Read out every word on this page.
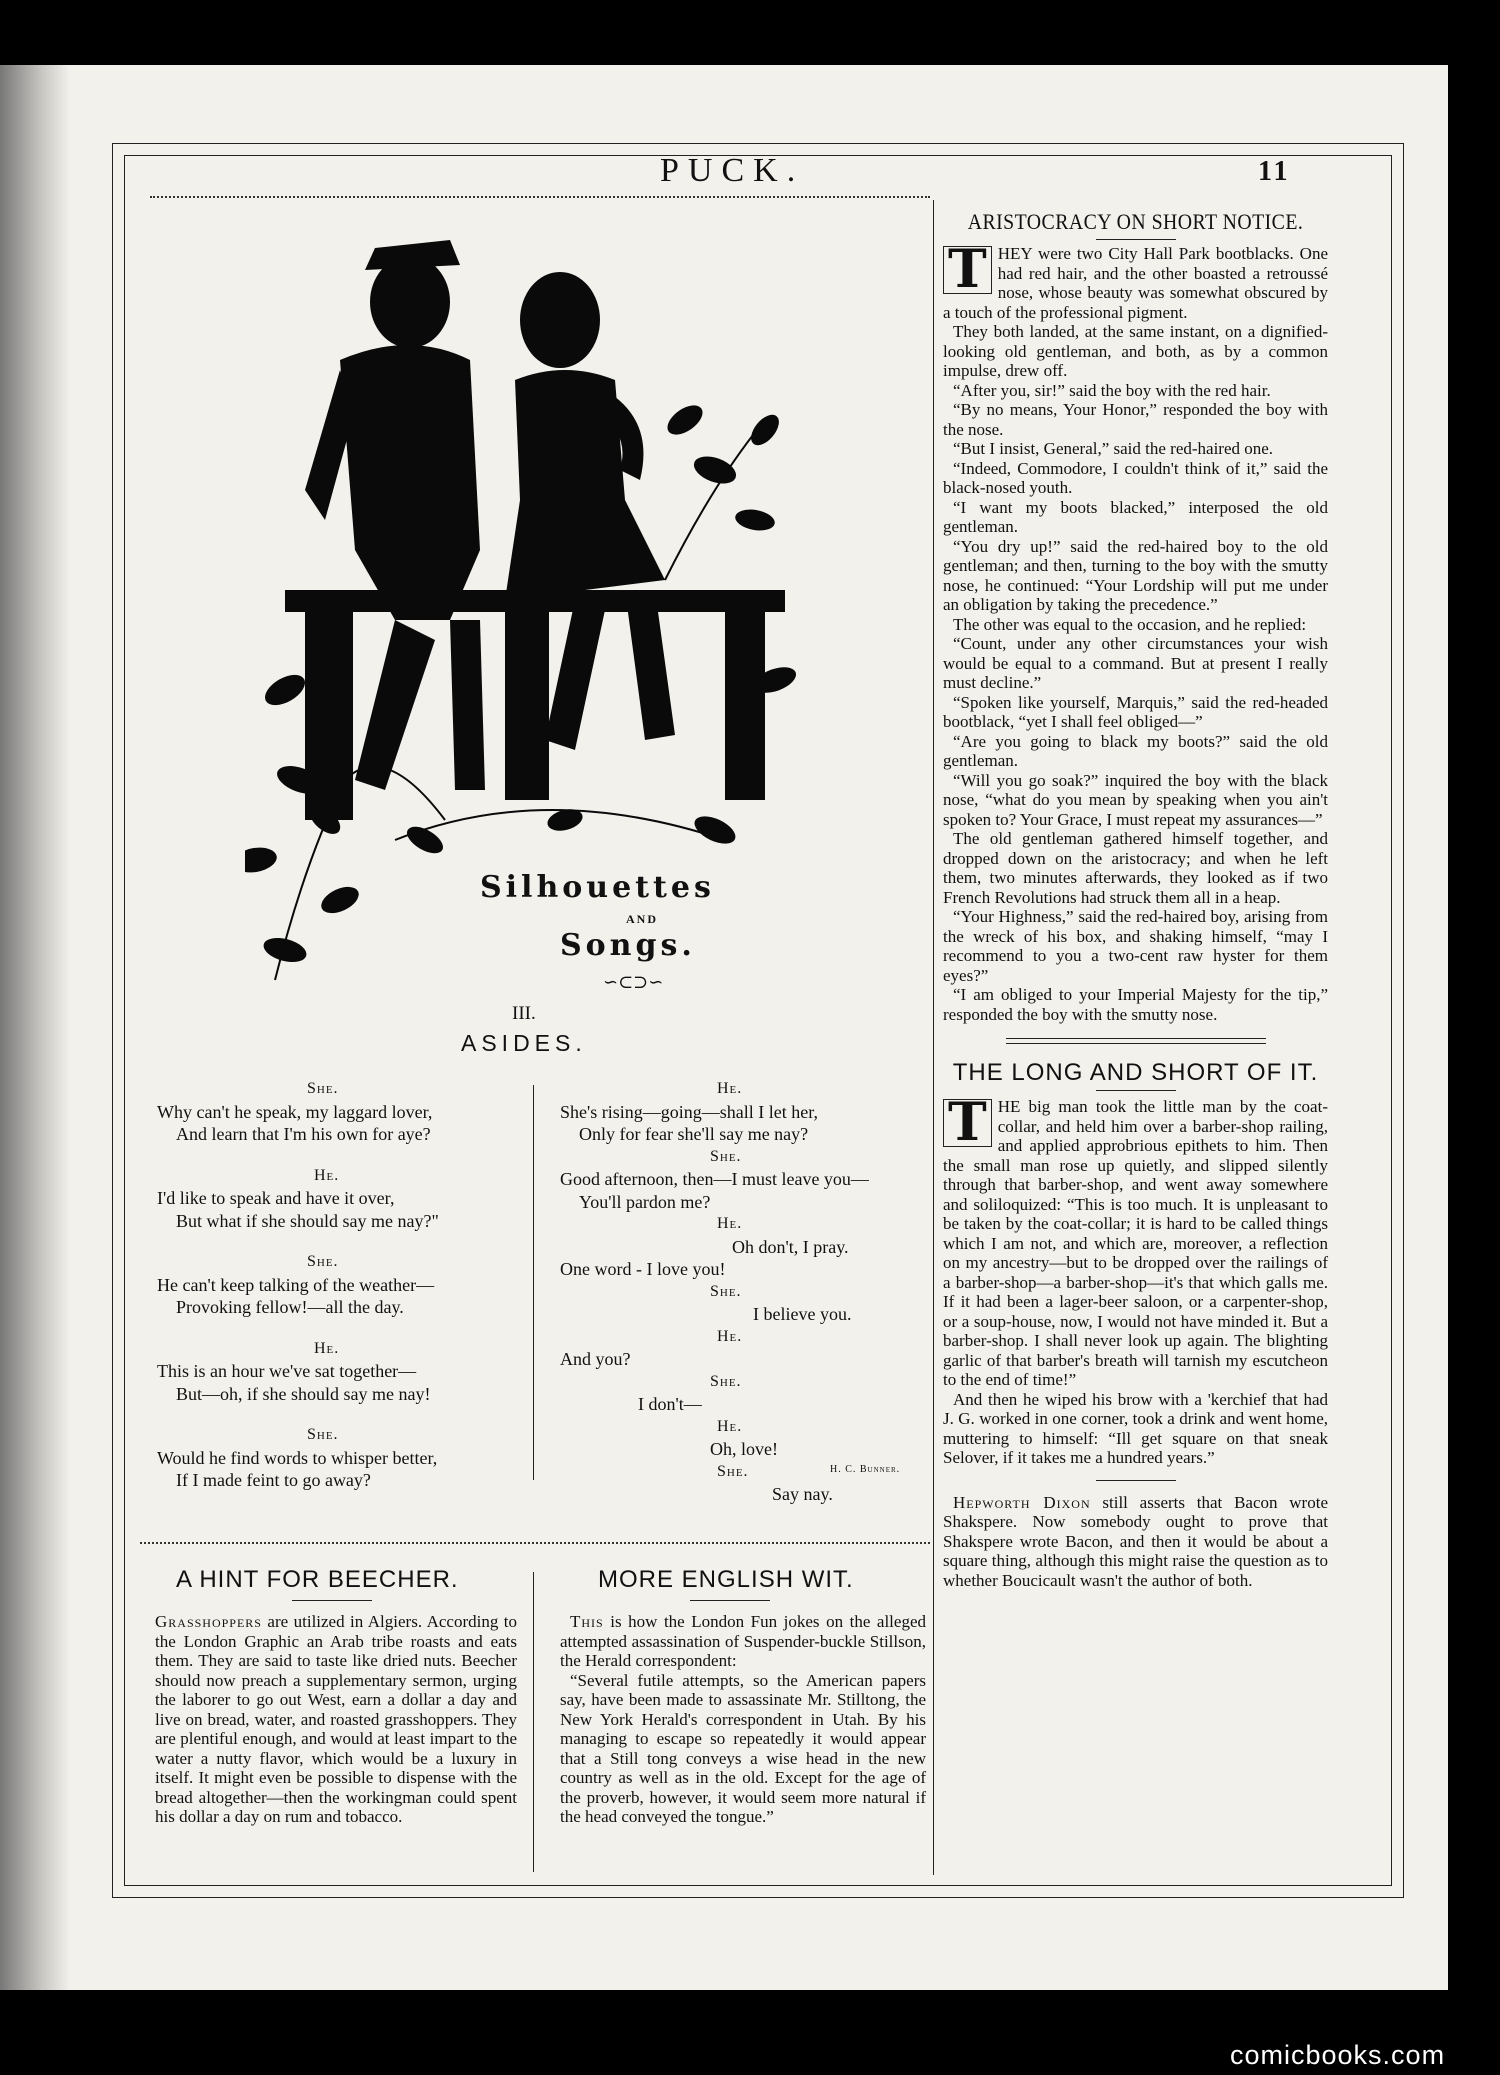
PUCK.	11
Silhouettes
AND
Songs.
∽⊂⊃∽
III.
ASIDES.
She.
Why can't he speak, my laggard lover,
And learn that I'm his own for aye?
He.
I'd like to speak and have it over,
But what if she should say me nay?"
She.
He can't keep talking of the weather—
Provoking fellow!—all the day.
He.
This is an hour we've sat together—
But—oh, if she should say me nay!
She.
Would he find words to whisper better,
If I made feint to go away?
He.
She's rising—going—shall I let her,
Only for fear she'll say me nay?
She.
Good afternoon, then—I must leave you—
You'll pardon me?
He.
Oh don't, I pray.
One word - I love you!
She.
I believe you.
He.
And you?
She.
I don't—
He.
Oh, love!
She.
Say nay.
H. C. Bunner.
ARISTOCRACY ON SHORT NOTICE.

T HEY were two City Hall Park bootblacks. One had red hair, and the other boasted a retroussé nose, whose beauty was somewhat obscured by a touch of the professional pigment.

They both landed, at the same instant, on a dignified-looking old gentleman, and both, as by a common impulse, drew off.

“After you, sir!” said the boy with the red hair.

“By no means, Your Honor,” responded the boy with the nose.

“But I insist, General,” said the red-haired one.

“Indeed, Commodore, I couldn't think of it,” said the black-nosed youth.

“I want my boots blacked,” interposed the old gentleman.

“You dry up!” said the red-haired boy to the old gentleman; and then, turning to the boy with the smutty nose, he continued: “Your Lordship will put me under an obligation by taking the precedence.”

The other was equal to the occasion, and he replied:

“Count, under any other circumstances your wish would be equal to a command. But at present I really must decline.”

“Spoken like yourself, Marquis,” said the red-headed bootblack, “yet I shall feel obliged—”

“Are you going to black my boots?” said the old gentleman.

“Will you go soak?” inquired the boy with the black nose, “what do you mean by speaking when you ain't spoken to? Your Grace, I must repeat my assurances—”

The old gentleman gathered himself together, and dropped down on the aristocracy; and when he left them, two minutes afterwards, they looked as if two French Revolutions had struck them all in a heap.

“Your Highness,” said the red-haired boy, arising from the wreck of his box, and shaking himself, “may I recommend to you a two-cent raw hyster for them eyes?”

“I am obliged to your Imperial Majesty for the tip,” responded the boy with the smutty nose.

THE LONG AND SHORT OF IT.

T HE big man took the little man by the coat-collar, and held him over a barber-shop railing, and applied approbrious epithets to him. Then the small man rose up quietly, and slipped silently through that barber-shop, and went away somewhere and soliloquized: “This is too much. It is unpleasant to be taken by the coat-collar; it is hard to be called things which I am not, and which are, moreover, a reflection on my ancestry—but to be dropped over the railings of a barber-shop—a barber-shop—it's that which galls me. If it had been a lager-beer saloon, or a carpenter-shop, or a soup-house, now, I would not have minded it. But a barber-shop. I shall never look up again. The blighting garlic of that barber's breath will tarnish my escutcheon to the end of time!”

And then he wiped his brow with a 'kerchief that had J. G. worked in one corner, took a drink and went home, muttering to himself: “Ill get square on that sneak Selover, if it takes me a hundred years.”

Hepworth Dixon still asserts that Bacon wrote Shakspere. Now somebody ought to prove that Shakspere wrote Bacon, and then it would be about a square thing, although this might raise the question as to whether Boucicault wasn't the author of both.

A HINT FOR BEECHER.

Grasshoppers are utilized in Algiers. According to the London Graphic an Arab tribe roasts and eats them. They are said to taste like dried nuts. Beecher should now preach a supplementary sermon, urging the laborer to go out West, earn a dollar a day and live on bread, water, and roasted grasshoppers. They are plentiful enough, and would at least impart to the water a nutty flavor, which would be a luxury in itself. It might even be possible to dispense with the bread altogether—then the workingman could spent his dollar a day on rum and tobacco.

MORE ENGLISH WIT.

This is how the London Fun jokes on the alleged attempted assassination of Suspender-buckle Stillson, the Herald correspondent:

“Several futile attempts, so the American papers say, have been made to assassinate Mr. Stilltong, the New York Herald's correspondent in Utah. By his managing to escape so repeatedly it would appear that a Still tong conveys a wise head in the new country as well as in the old. Except for the age of the proverb, however, it would seem more natural if the head conveyed the tongue.”

comicbooks.com
